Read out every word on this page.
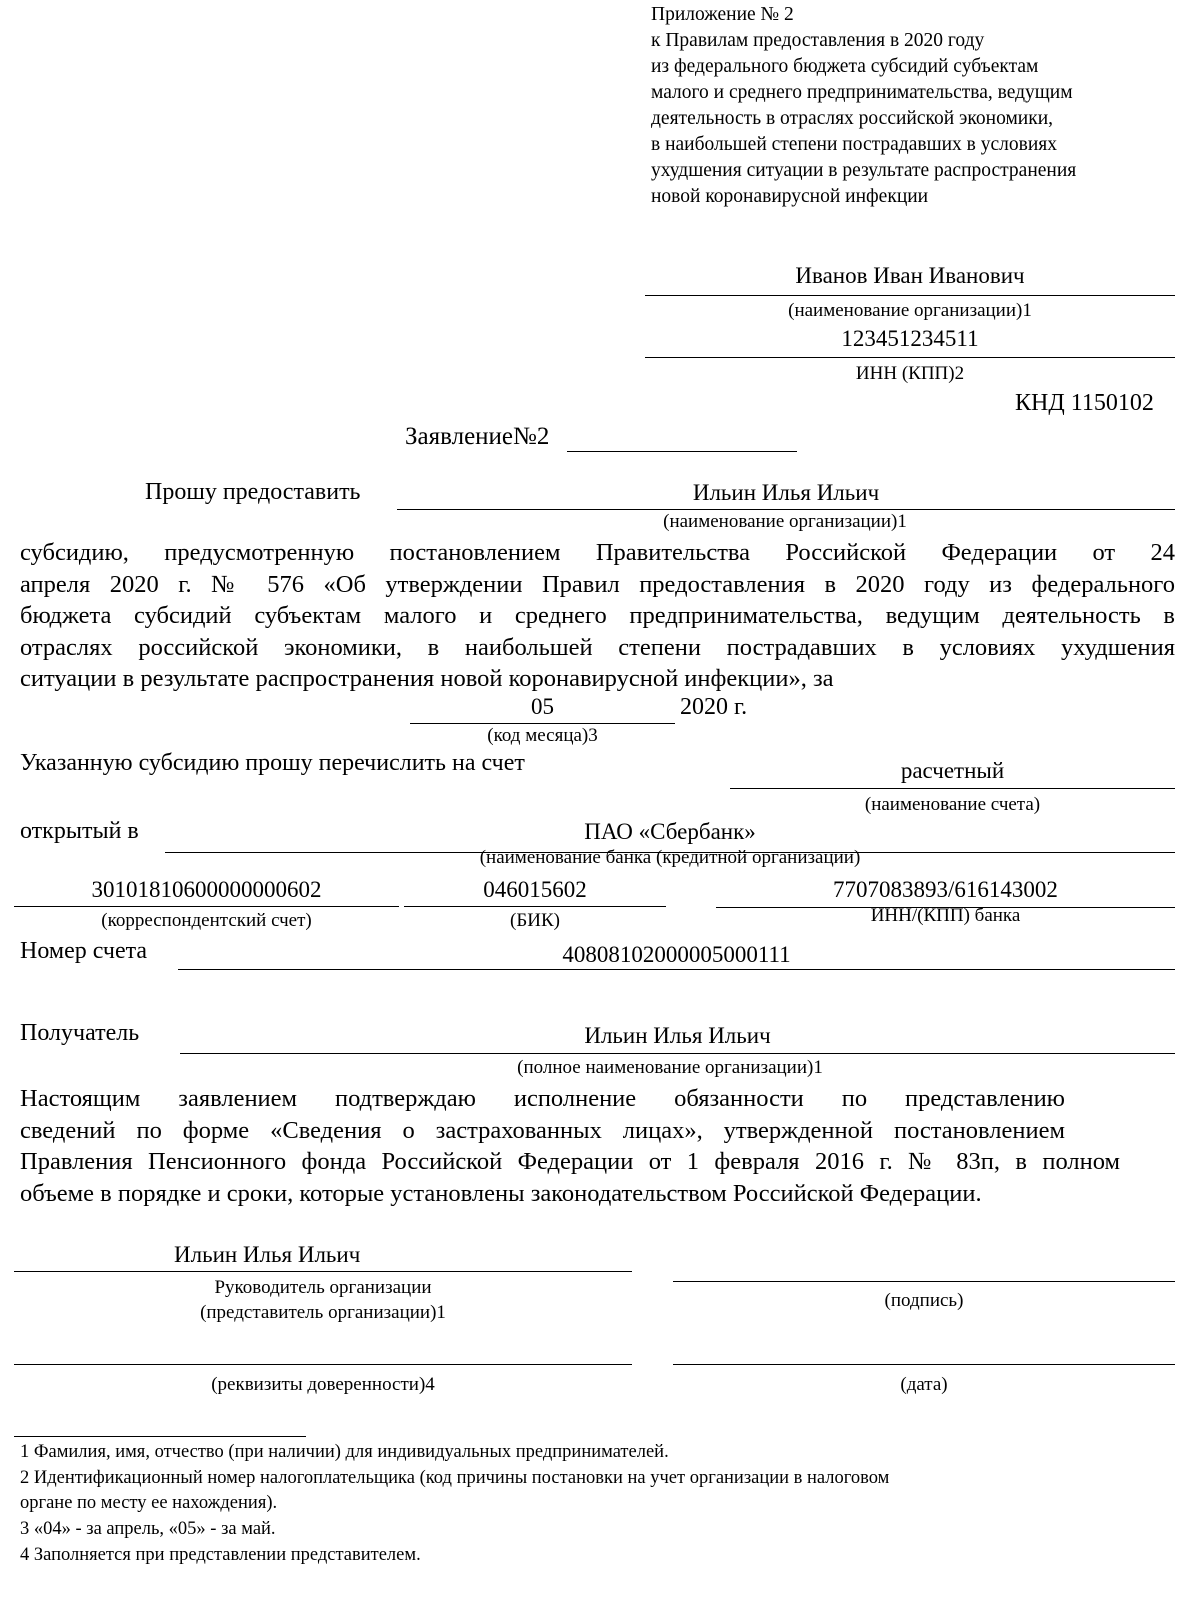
Приложение № 2
к Правилам предоставления в 2020 году
из федерального бюджета субсидий субъектам
малого и среднего предпринимательства, ведущим
деятельность в отраслях российской экономики,
в наибольшей степени пострадавших в условиях
ухудшения ситуации в результате распространения
новой коронавирусной инфекции
Иванов Иван Иванович
(наименование организации)1
123451234511
ИНН (КПП)2
КНД 1150102
Заявление№2
Прошу предоставить	Ильин Илья Ильич
(наименование организации)1
субсидию, предусмотренную постановлением Правительства Российской Федерации от 24
апреля 2020 г. № 576 «Об утверждении Правил предоставления в 2020 году из федерального
бюджета субсидий субъектам малого и среднего предпринимательства, ведущим деятельность в
отраслях российской экономики, в наибольшей степени пострадавших в условиях ухудшения
ситуации в результате распространения новой коронавирусной инфекции», за
05	2020 г.
(код месяца)3
Указанную субсидию прошу перечислить на счет	расчетный
(наименование счета)
открытый в	ПАО «Сбербанк»
(наименование банка (кредитной организации)
30101810600000000602
(корреспондентский счет)
046015602
(БИК)
7707083893/616143002
ИНН/(КПП) банка
Номер счета	40808102000005000111
Получатель	Ильин Илья Ильич
(полное наименование организации)1
Настоящим заявлением подтверждаю исполнение обязанности по представлению
сведений по форме «Сведения о застрахованных лицах», утвержденной постановлением
Правления Пенсионного фонда Российской Федерации от 1 февраля 2016 г. № 83п, в полном
объеме в порядке и сроки, которые установлены законодательством Российской Федерации.
Ильин Илья Ильич
Руководитель организации
(представитель организации)1
(подпись)
(реквизиты доверенности)4	(дата)
1 Фамилия, имя, отчество (при наличии) для индивидуальных предпринимателей.
2 Идентификационный номер налогоплательщика (код причины постановки на учет организации в налоговом
органе по месту ее нахождения).
3 «04» - за апрель, «05» - за май.
4 Заполняется при представлении представителем.
